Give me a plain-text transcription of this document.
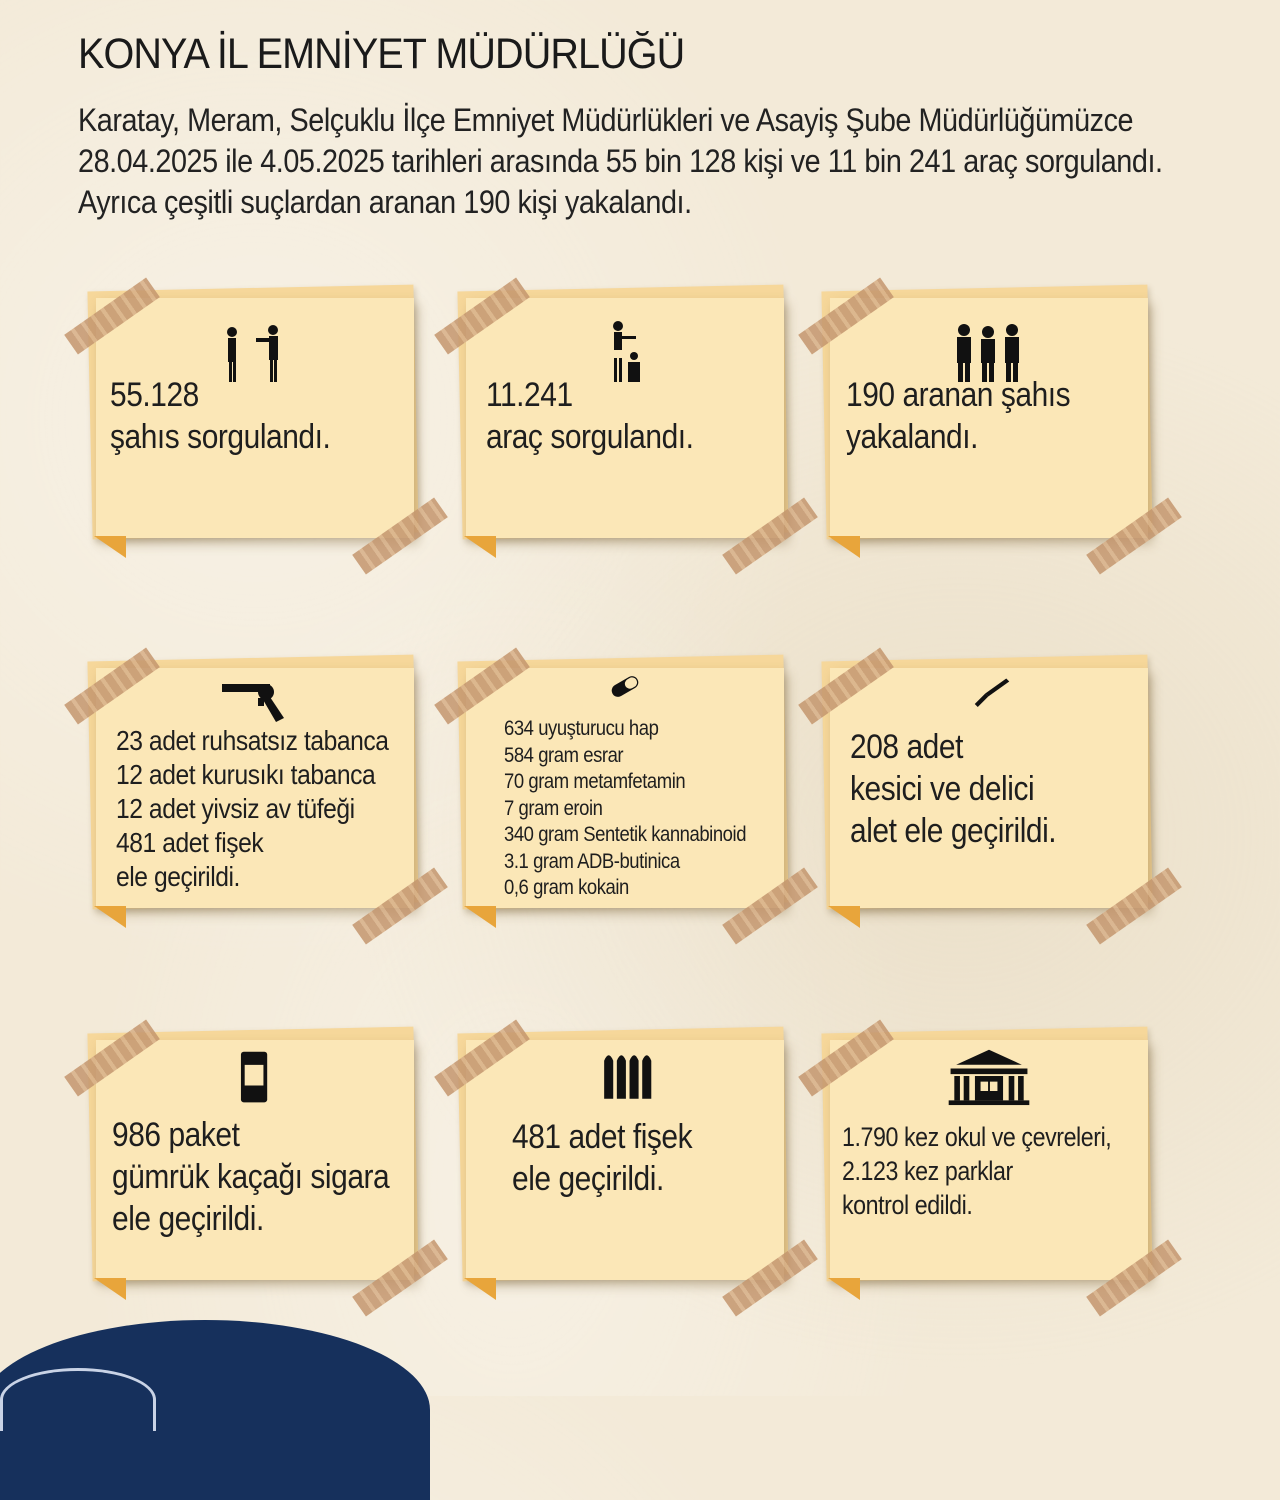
KONYA İL EMNİYET MÜDÜRLÜĞÜ

Karatay, Meram, Selçuklu İlçe Emniyet Müdürlükleri ve Asayiş Şube Müdürlüğümüzce
28.04.2025 ile 4.05.2025 tarihleri arasında 55 bin 128 kişi ve 11 bin 241 araç sorgulandı.
Ayrıca çeşitli suçlardan aranan 190 kişi yakalandı.

55.128
şahıs sorgulandı.
11.241
araç sorgulandı.
190 aranan şahıs
yakalandı.
23 adet ruhsatsız tabanca
12 adet kurusıkı tabanca
12 adet yivsiz av tüfeği
481 adet fişek
ele geçirildi.
634 uyuşturucu hap
584 gram esrar
70 gram metamfetamin
7 gram eroin
340 gram Sentetik kannabinoid
3.1 gram ADB-butinica
0,6 gram kokain
208 adet
kesici ve delici
alet ele geçirildi.
986 paket
gümrük kaçağı sigara
ele geçirildi.
481 adet fişek
ele geçirildi.
1.790 kez okul ve çevreleri,
2.123 kez parklar
kontrol edildi.
